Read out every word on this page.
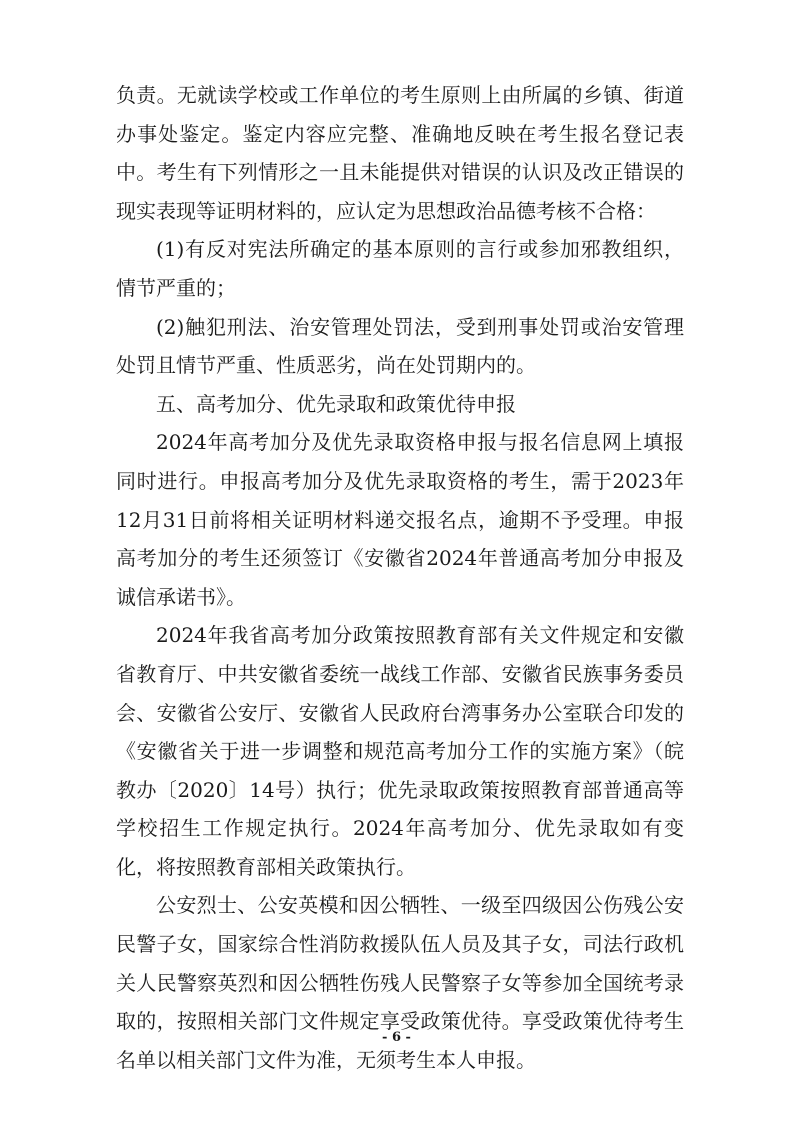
负责。无就读学校或工作单位的考生原则上由所属的乡镇、街道办事处鉴定。鉴定内容应完整、准确地反映在考生报名登记表中。考生有下列情形之一且未能提供对错误的认识及改正错误的现实表现等证明材料的，应认定为思想政治品德考核不合格：

(1)有反对宪法所确定的基本原则的言行或参加邪教组织，情节严重的；

(2)触犯刑法、治安管理处罚法，受到刑事处罚或治安管理处罚且情节严重、性质恶劣，尚在处罚期内的。

五、高考加分、优先录取和政策优待申报

2024年高考加分及优先录取资格申报与报名信息网上填报同时进行。申报高考加分及优先录取资格的考生，需于2023年12月31日前将相关证明材料递交报名点，逾期不予受理。申报高考加分的考生还须签订《安徽省2024年普通高考加分申报及诚信承诺书》。

2024年我省高考加分政策按照教育部有关文件规定和安徽省教育厅、中共安徽省委统一战线工作部、安徽省民族事务委员会、安徽省公安厅、安徽省人民政府台湾事务办公室联合印发的《安徽省关于进一步调整和规范高考加分工作的实施方案》（皖教办〔2020〕14号）执行；优先录取政策按照教育部普通高等学校招生工作规定执行。2024年高考加分、优先录取如有变化，将按照教育部相关政策执行。

公安烈士、公安英模和因公牺牲、一级至四级因公伤残公安民警子女，国家综合性消防救援队伍人员及其子女，司法行政机关人民警察英烈和因公牺牲伤残人民警察子女等参加全国统考录取的，按照相关部门文件规定享受政策优待。享受政策优待考生名单以相关部门文件为准，无须考生本人申报。

- 6 -
